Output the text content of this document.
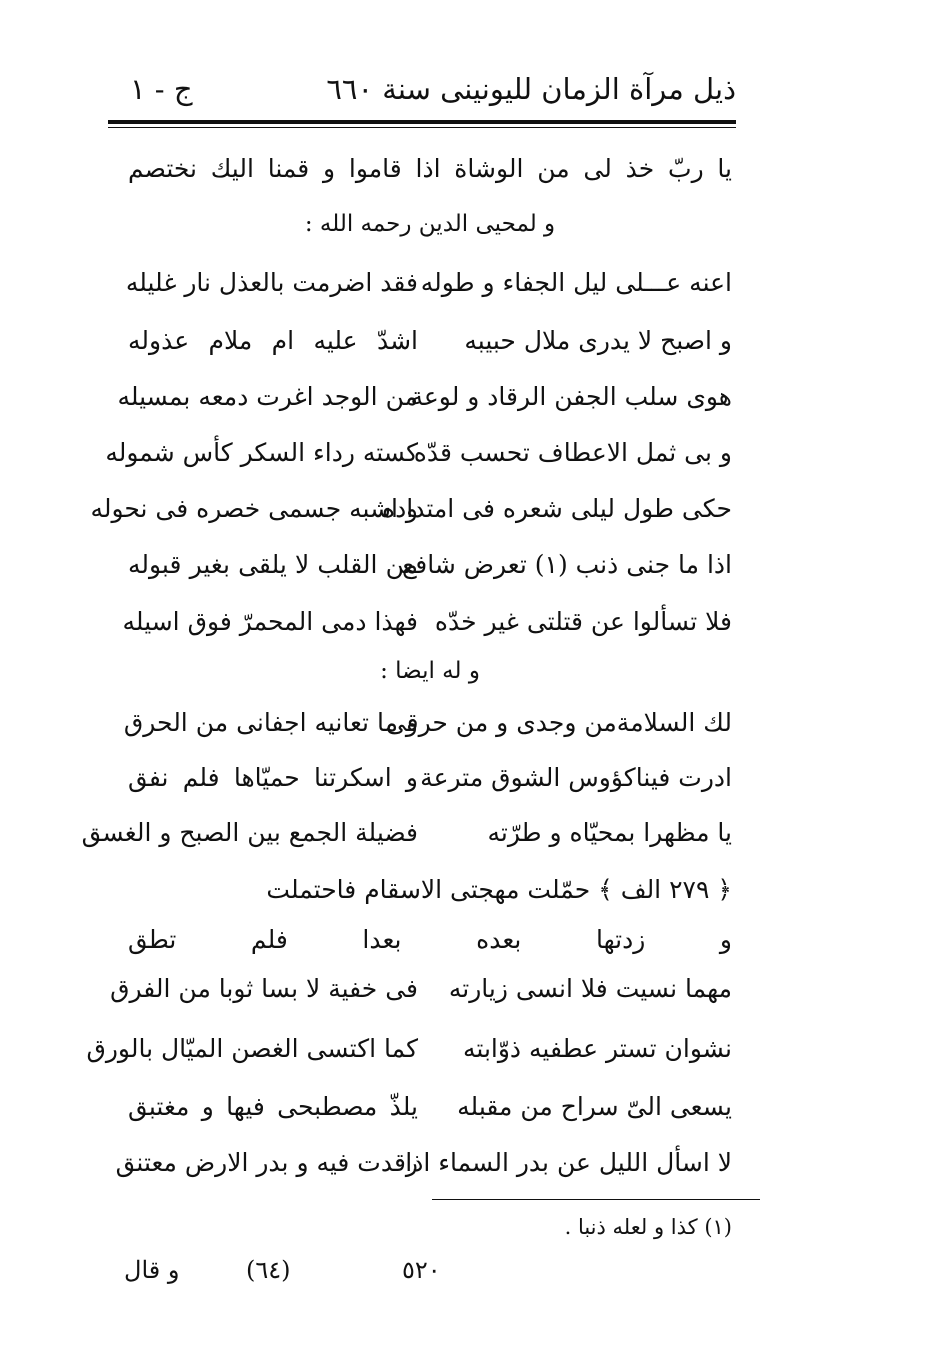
ذيل مرآة الزمان لليونينى سنة ٦٦٠
ج - ١
يا ربّ خذ لى من الوشاة اذا قاموا و قمنا اليك نختصم
و لمحيى الدين رحمه الله :
اعنه عـــلى ليل الجفاء و طوله
فقد اضرمت بالعذل نار غليله
و اصبح لا يدرى ملال حبيبه
اشدّ عليه ام ملام عذوله
هوى سلب الجفن الرقاد و لوعة
من الوجد اغرت دمعه بمسيله
و بى ثمل الاعطاف تحسب قدّه
كسته رداء السكر كأس شموله
حكى طول ليلى شعره فى امتداده
و اشبه جسمى خصره فى نحوله
اذا ما جنى ذنب (١) تعرض شافع
من القلب لا يلقى بغير قبوله
فلا تسألوا عن قتلتى غير خدّه
فهذا دمى المحمرّ فوق اسيله
و له ايضا :
لك السلامةمن وجدى و من حرقى
و ما تعانيه اجفانى من الحرق
ادرت فيناكؤوس الشوق مترعة
و اسكرتنا حميّاها فلم نفق
يا مظهرا بمحيّاه و طرّته
فضيلة الجمع بين الصبح و الغسق
﴿ ٢٧٩ الف ﴾ حمّلت مهجتى الاسقام فاحتملت
و زدتها بعده بعدا فلم تطق
مهما نسيت فلا انسى زيارته
فى خفية لا بسا ثوبا من الفرق
نشوان تستر عطفيه ذوّابته
كما اكتسى الغصن الميّال بالورق
يسعى الىّ سراح من مقبله
يلذّ مصطبحى فيها و مغتبق
لا اسأل الليل عن بدر السماء اذا
رقدت فيه و بدر الارض معتنق
(١) كذا و لعله ذنبا .
٥٢٠
(٦٤)
و قال
